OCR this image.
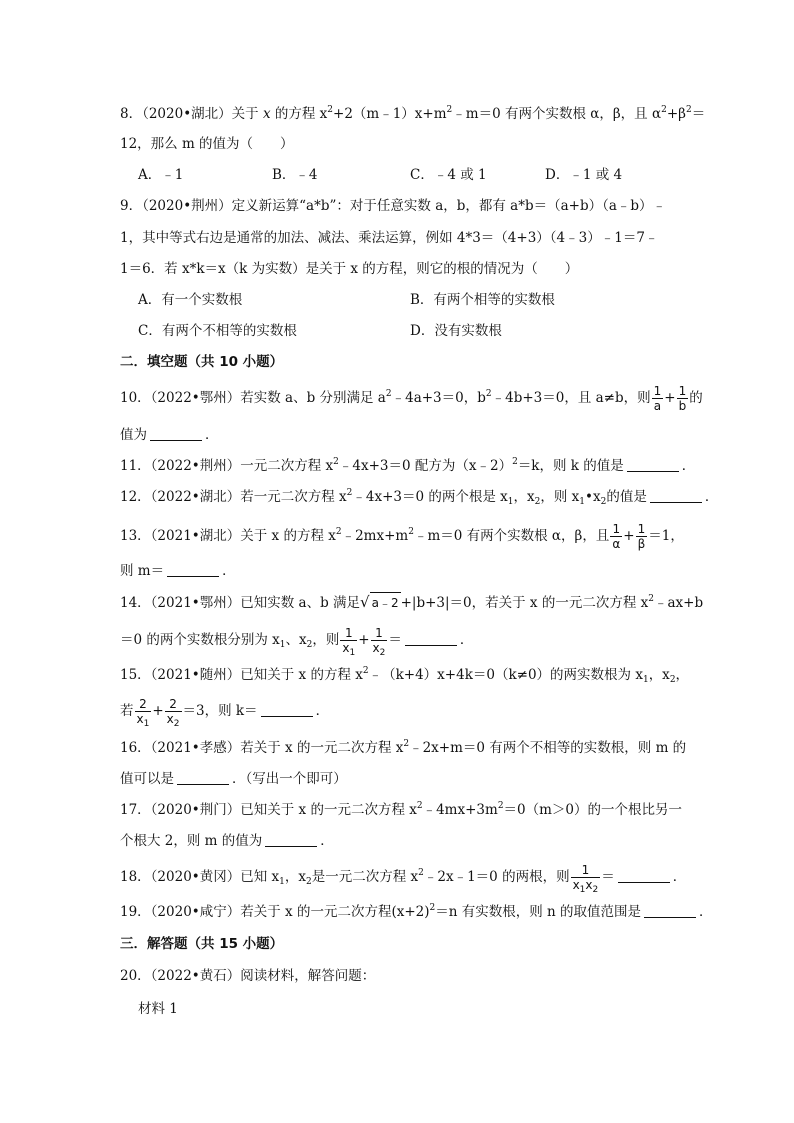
8．（2020•湖北）关于 x 的方程 $x^2+2(m﹣1)x+m^2﹣m=0$ 有两个实数根 α，β，且 $\alpha^2+\beta^2=$
12，那么 m 的值为（　　）
A．﹣1	B．﹣4	C．﹣4 或 1	D．﹣1 或 4
9．（2020•荆州）定义新运算“a*b”：对于任意实数 a，b，都有 a*b＝（a+b）（a﹣b）﹣
1，其中等式右边是通常的加法、减法、乘法运算，例如 4*3＝（4+3）（4﹣3）﹣1＝7﹣
1＝6．若 x*k＝x（k 为实数）是关于 x 的方程，则它的根的情况为（　　）
A．有一个实数根	B．有两个相等的实数根
C．有两个不相等的实数根	D．没有实数根
二．填空题（共 10 小题）
10．（2022•鄂州）若实数 a、b 分别满足 $a^2﹣4a+3=0$，$b^2﹣4b+3=0$，且 a≠b，则 $\frac{1}{a} + \frac{1}{b}$ 的
值为	．
11．（2022•荆州）一元二次方程 $x^2﹣4x+3=0$ 配方为（x﹣2）$^2$＝k，则 k 的值是	．
12．（2022•湖北）若一元二次方程 $x^2﹣4x+3=0$ 的两个根是 $x_1$，$x_2$，则 $x_1•x_2$的值是	．
13．（2021•湖北）关于 x 的方程 $x^2﹣2mx+m^2﹣m=0$ 有两个实数根 α，β，且 $\frac{1}{\alpha} + \frac{1}{\beta} =1$，
则 m＝	．
14．（2021•鄂州）已知实数 a、b 满足√ a﹣2 +|b+3|＝0，若关于 x 的一元二次方程 $x^2﹣ax+b$
＝0 的两个实数根分别为 $x_1$、$x_2$，则 $\frac{1}{x_1} + \frac{1}{x_2}$ ＝	．
15．（2021•随州）已知关于 x 的方程 $x^2﹣(k+4)x+4k=0(k\ne 0)$的两实数根为 $x_1$，$x_2$，
若 $\frac{2}{x_1} + \frac{2}{x_2} =3$，则 k＝	．
16．（2021•孝感）若关于 x 的一元二次方程 $x^2﹣2x+m=0$ 有两个不相等的实数根，则 m 的
值可以是	．（写出一个即可）
17．（2020•荆门）已知关于 x 的一元二次方程 $x^2﹣4mx+3m^2=0(m>0)$的一个根比另一
个根大 2，则 m 的值为	．
18．（2020•黄冈）已知 $x_1$，$x_2$是一元二次方程 $x^2﹣2x﹣1=0$ 的两根，则 $\frac{1}{x_1x_2}$ ＝	．
19．（2020•咸宁）若关于 x 的一元二次方程$(x+2)^2=n$ 有实数根，则 n 的取值范围是	．
三．解答题（共 15 小题）
20．（2022•黄石）阅读材料，解答问题：
材料 1
